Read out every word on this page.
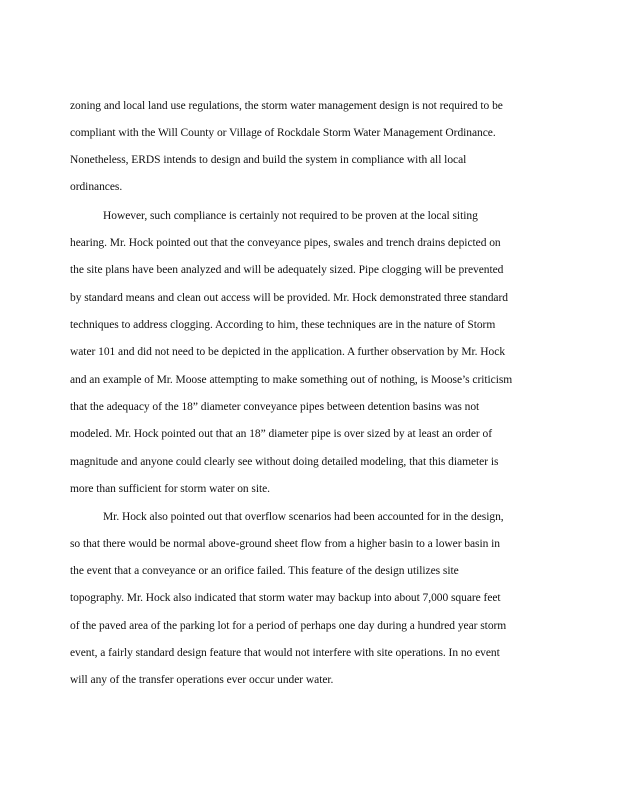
zoning and local land use regulations, the storm water management design is not required to be
compliant with the Will County or Village of Rockdale Storm Water Management Ordinance.
Nonetheless, ERDS intends to design and build the system in compliance with all local
ordinances.
However, such compliance is certainly not required to be proven at the local siting
hearing. Mr. Hock pointed out that the conveyance pipes, swales and trench drains depicted on
the site plans have been analyzed and will be adequately sized. Pipe clogging will be prevented
by standard means and clean out access will be provided. Mr. Hock demonstrated three standard
techniques to address clogging. According to him, these techniques are in the nature of Storm
water 101 and did not need to be depicted in the application. A further observation by Mr. Hock
and an example of Mr. Moose attempting to make something out of nothing, is Moose’s criticism
that the adequacy of the 18” diameter conveyance pipes between detention basins was not
modeled. Mr. Hock pointed out that an 18” diameter pipe is over sized by at least an order of
magnitude and anyone could clearly see without doing detailed modeling, that this diameter is
more than sufficient for storm water on site.
Mr. Hock also pointed out that overflow scenarios had been accounted for in the design,
so that there would be normal above-ground sheet flow from a higher basin to a lower basin in
the event that a conveyance or an orifice failed. This feature of the design utilizes site
topography. Mr. Hock also indicated that storm water may backup into about 7,000 square feet
of the paved area of the parking lot for a period of perhaps one day during a hundred year storm
event, a fairly standard design feature that would not interfere with site operations. In no event
will any of the transfer operations ever occur under water.
